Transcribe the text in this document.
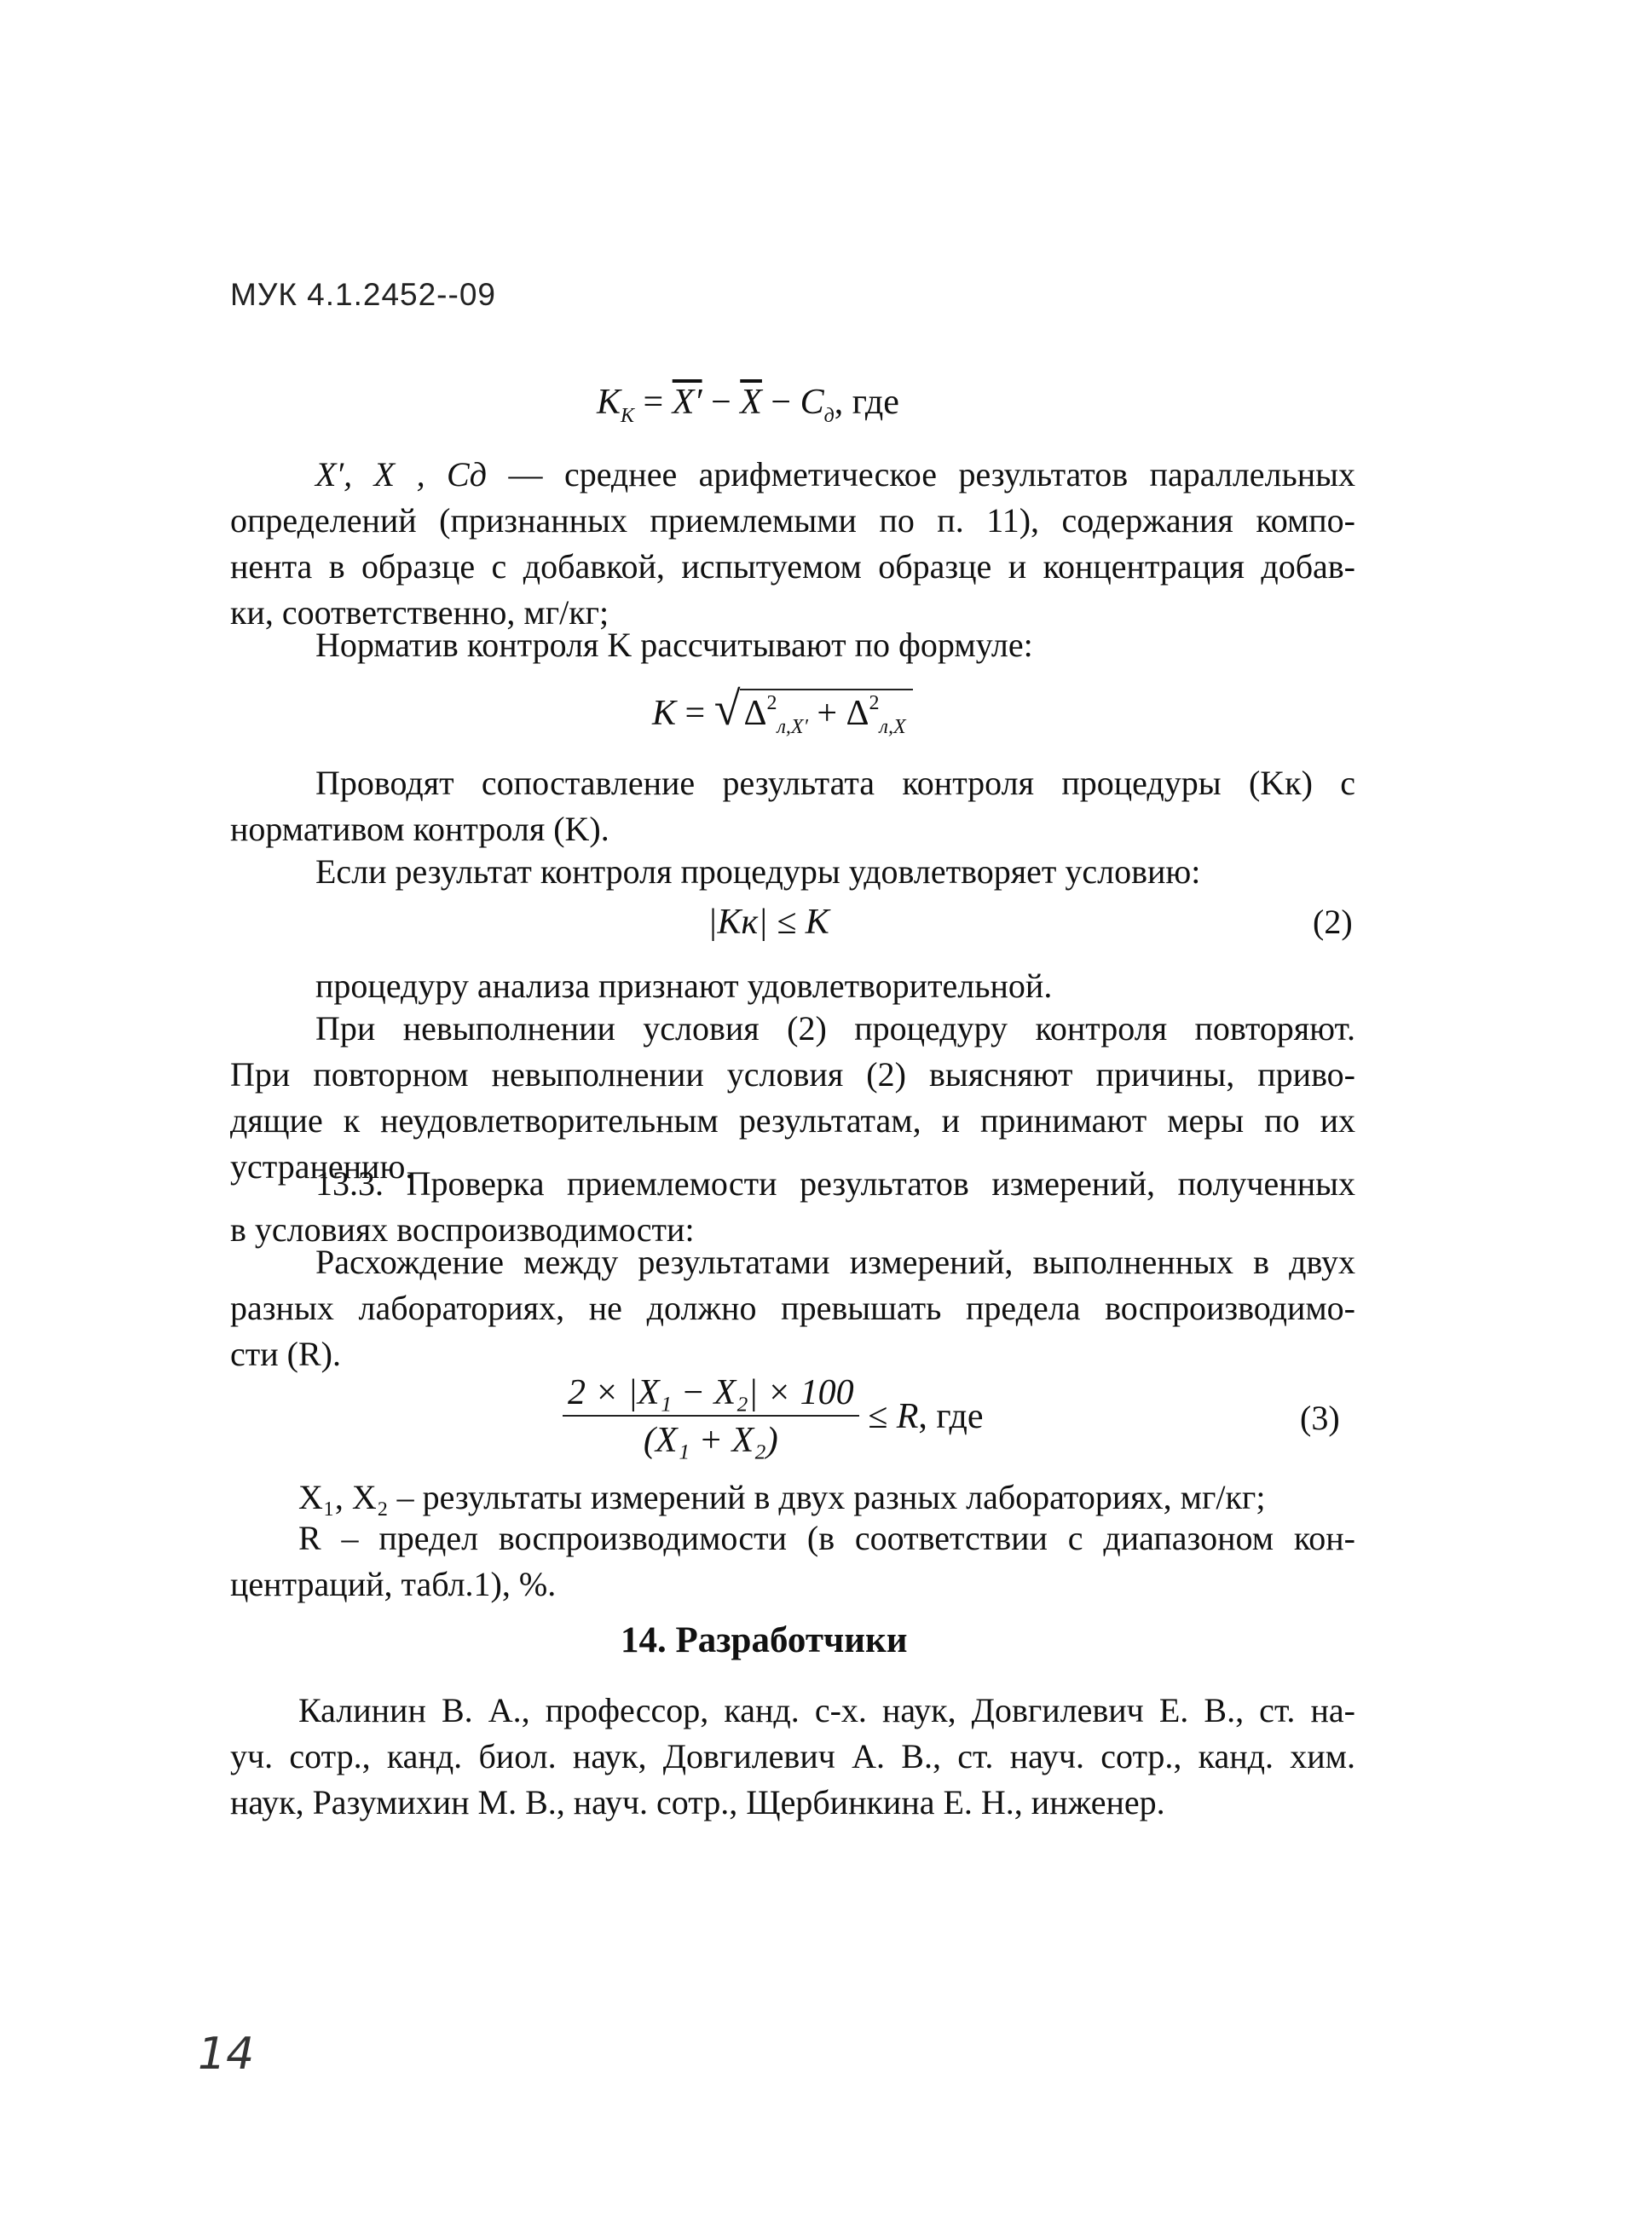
МУК 4.1.2452--09
$K_K = X' - \overline{X} - C_д$, где
X′, X , Cд — среднее арифметическое результатов параллельных
определений (признанных приемлемыми по п. 11), содержания компо-
нента в образце с добавкой, испытуемом образце и концентрация добав-
ки, соответственно, мг/кг;
Норматив контроля K рассчитывают по формуле:
$K = √\Delta^2_{л,X'} + \Delta^2_{л,X}$
Проводят сопоставление результата контроля процедуры (Kк) с
нормативом контроля (K).
Если результат контроля процедуры удовлетворяет условию:
|Kк| ≤ K	(2)
процедуру анализа признают удовлетворительной.
При невыполнении условия (2) процедуру контроля повторяют.
При повторном невыполнении условия (2) выясняют причины, приво-
дящие к неудовлетворительным результатам, и принимают меры по их
устранению.
13.3. Проверка приемлемости результатов измерений, полученных
в условиях воспроизводимости:
Расхождение между результатами измерений, выполненных в двух
разных лабораториях, не должно превышать предела воспроизводимо-
сти (R).
$\frac{\text{2 × |X₁ − X₂| × 100}}{\text{(X₁ + X₂)}} \le R$, где	(3)
X₁, X₂ – результаты измерений в двух разных лабораториях, мг/кг;
R – предел воспроизводимости (в соответствии с диапазоном кон-
центраций, табл.1), %.
14. Разработчики
Калинин В. А., профессор, канд. с-х. наук, Довгилевич Е. В., ст. на-
уч. сотр., канд. биол. наук, Довгилевич А. В., ст. науч. сотр., канд. хим.
наук, Разумихин М. В., науч. сотр., Щербинкина Е. Н., инженер.
14
